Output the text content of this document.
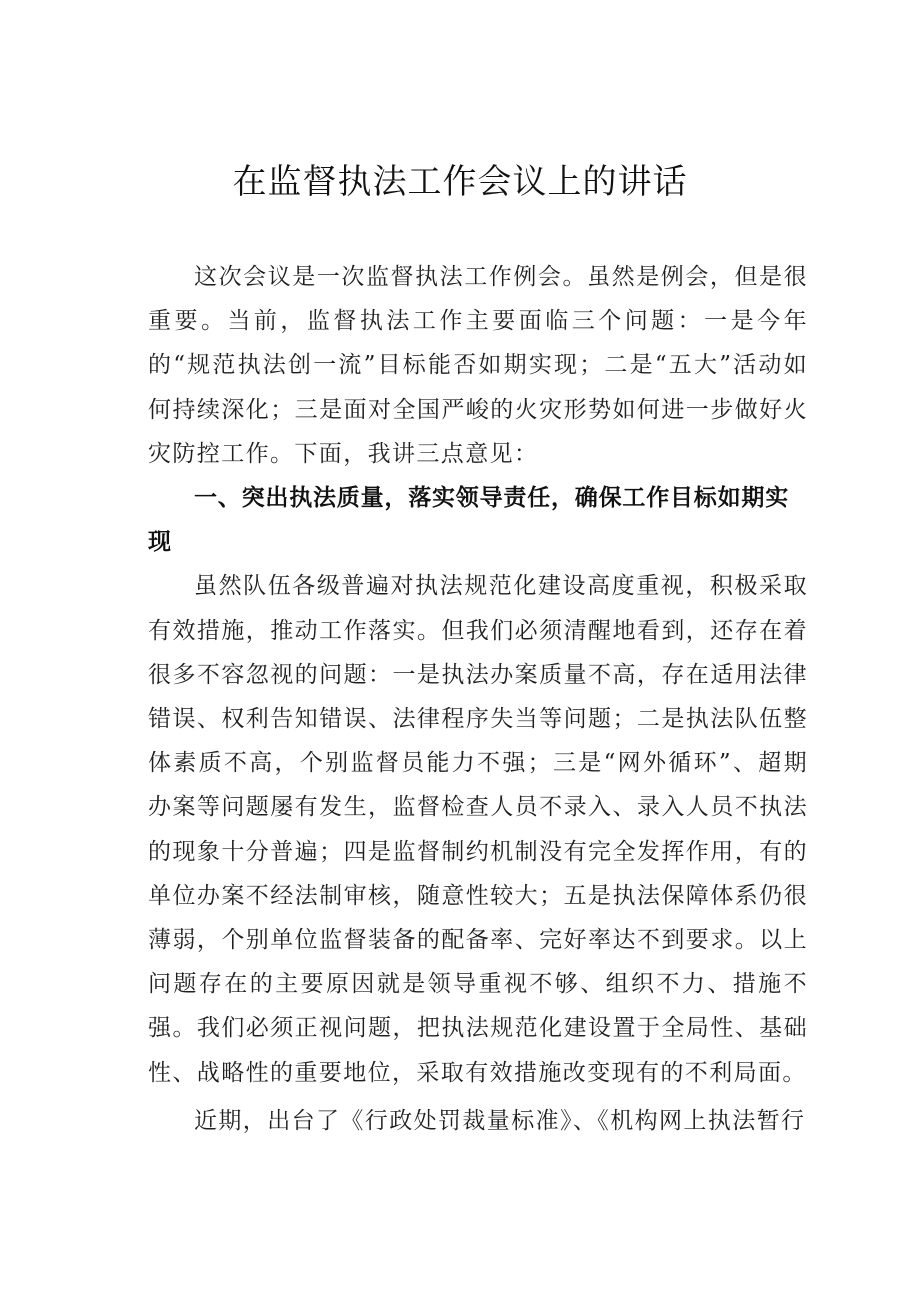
在监督执法工作会议上的讲话

这次会议是一次监督执法工作例会。虽然是例会，但是很重要。当前，监督执法工作主要面临三个问题：一是今年的“规范执法创一流”目标能否如期实现；二是“五大”活动如何持续深化；三是面对全国严峻的火灾形势如何进一步做好火灾防控工作。下面，我讲三点意见：

一、突出执法质量，落实领导责任，确保工作目标如期实现

虽然队伍各级普遍对执法规范化建设高度重视，积极采取有效措施，推动工作落实。但我们必须清醒地看到，还存在着很多不容忽视的问题：一是执法办案质量不高，存在适用法律错误、权利告知错误、法律程序失当等问题；二是执法队伍整体素质不高，个别监督员能力不强；三是“网外循环”、超期办案等问题屡有发生，监督检查人员不录入、录入人员不执法的现象十分普遍；四是监督制约机制没有完全发挥作用，有的单位办案不经法制审核，随意性较大；五是执法保障体系仍很薄弱，个别单位监督装备的配备率、完好率达不到要求。以上问题存在的主要原因就是领导重视不够、组织不力、措施不强。我们必须正视问题，把执法规范化建设置于全局性、基础性、战略性的重要地位，采取有效措施改变现有的不利局面。

近期，出台了《行政处罚裁量标准》、《机构网上执法暂行
